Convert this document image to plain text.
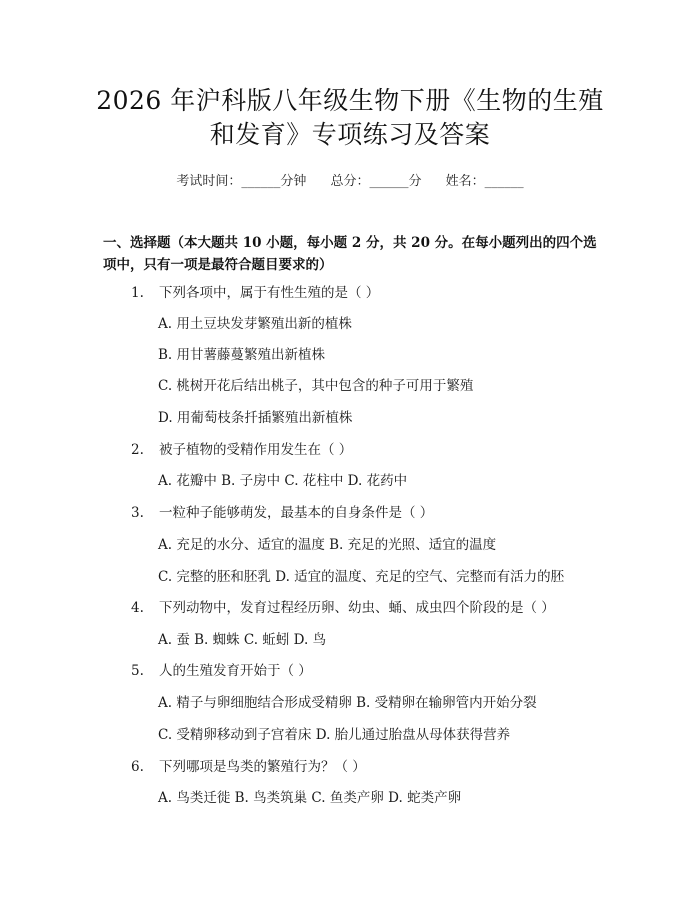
2026 年沪科版八年级生物下册《生物的生殖
和发育》专项练习及答案
考试时间：______分钟 总分：______分 姓名：______
一、选择题（本大题共 10 小题，每小题 2 分，共 20 分。在每小题列出的四个选
项中，只有一项是最符合题目要求的）
1. 下列各项中，属于有性生殖的是（ ）
A. 用土豆块发芽繁殖出新的植株
B. 用甘薯藤蔓繁殖出新植株
C. 桃树开花后结出桃子，其中包含的种子可用于繁殖
D. 用葡萄枝条扦插繁殖出新植株
2. 被子植物的受精作用发生在（ ）
A. 花瓣中 B. 子房中 C. 花柱中 D. 花药中
3. 一粒种子能够萌发，最基本的自身条件是（ ）
A. 充足的水分、适宜的温度 B. 充足的光照、适宜的温度
C. 完整的胚和胚乳 D. 适宜的温度、充足的空气、完整而有活力的胚
4. 下列动物中，发育过程经历卵、幼虫、蛹、成虫四个阶段的是（ ）
A. 蚕 B. 蜘蛛 C. 蚯蚓 D. 鸟
5. 人的生殖发育开始于（ ）
A. 精子与卵细胞结合形成受精卵 B. 受精卵在输卵管内开始分裂
C. 受精卵移动到子宫着床 D. 胎儿通过胎盘从母体获得营养
6. 下列哪项是鸟类的繁殖行为？（ ）
A. 鸟类迁徙 B. 鸟类筑巢 C. 鱼类产卵 D. 蛇类产卵
